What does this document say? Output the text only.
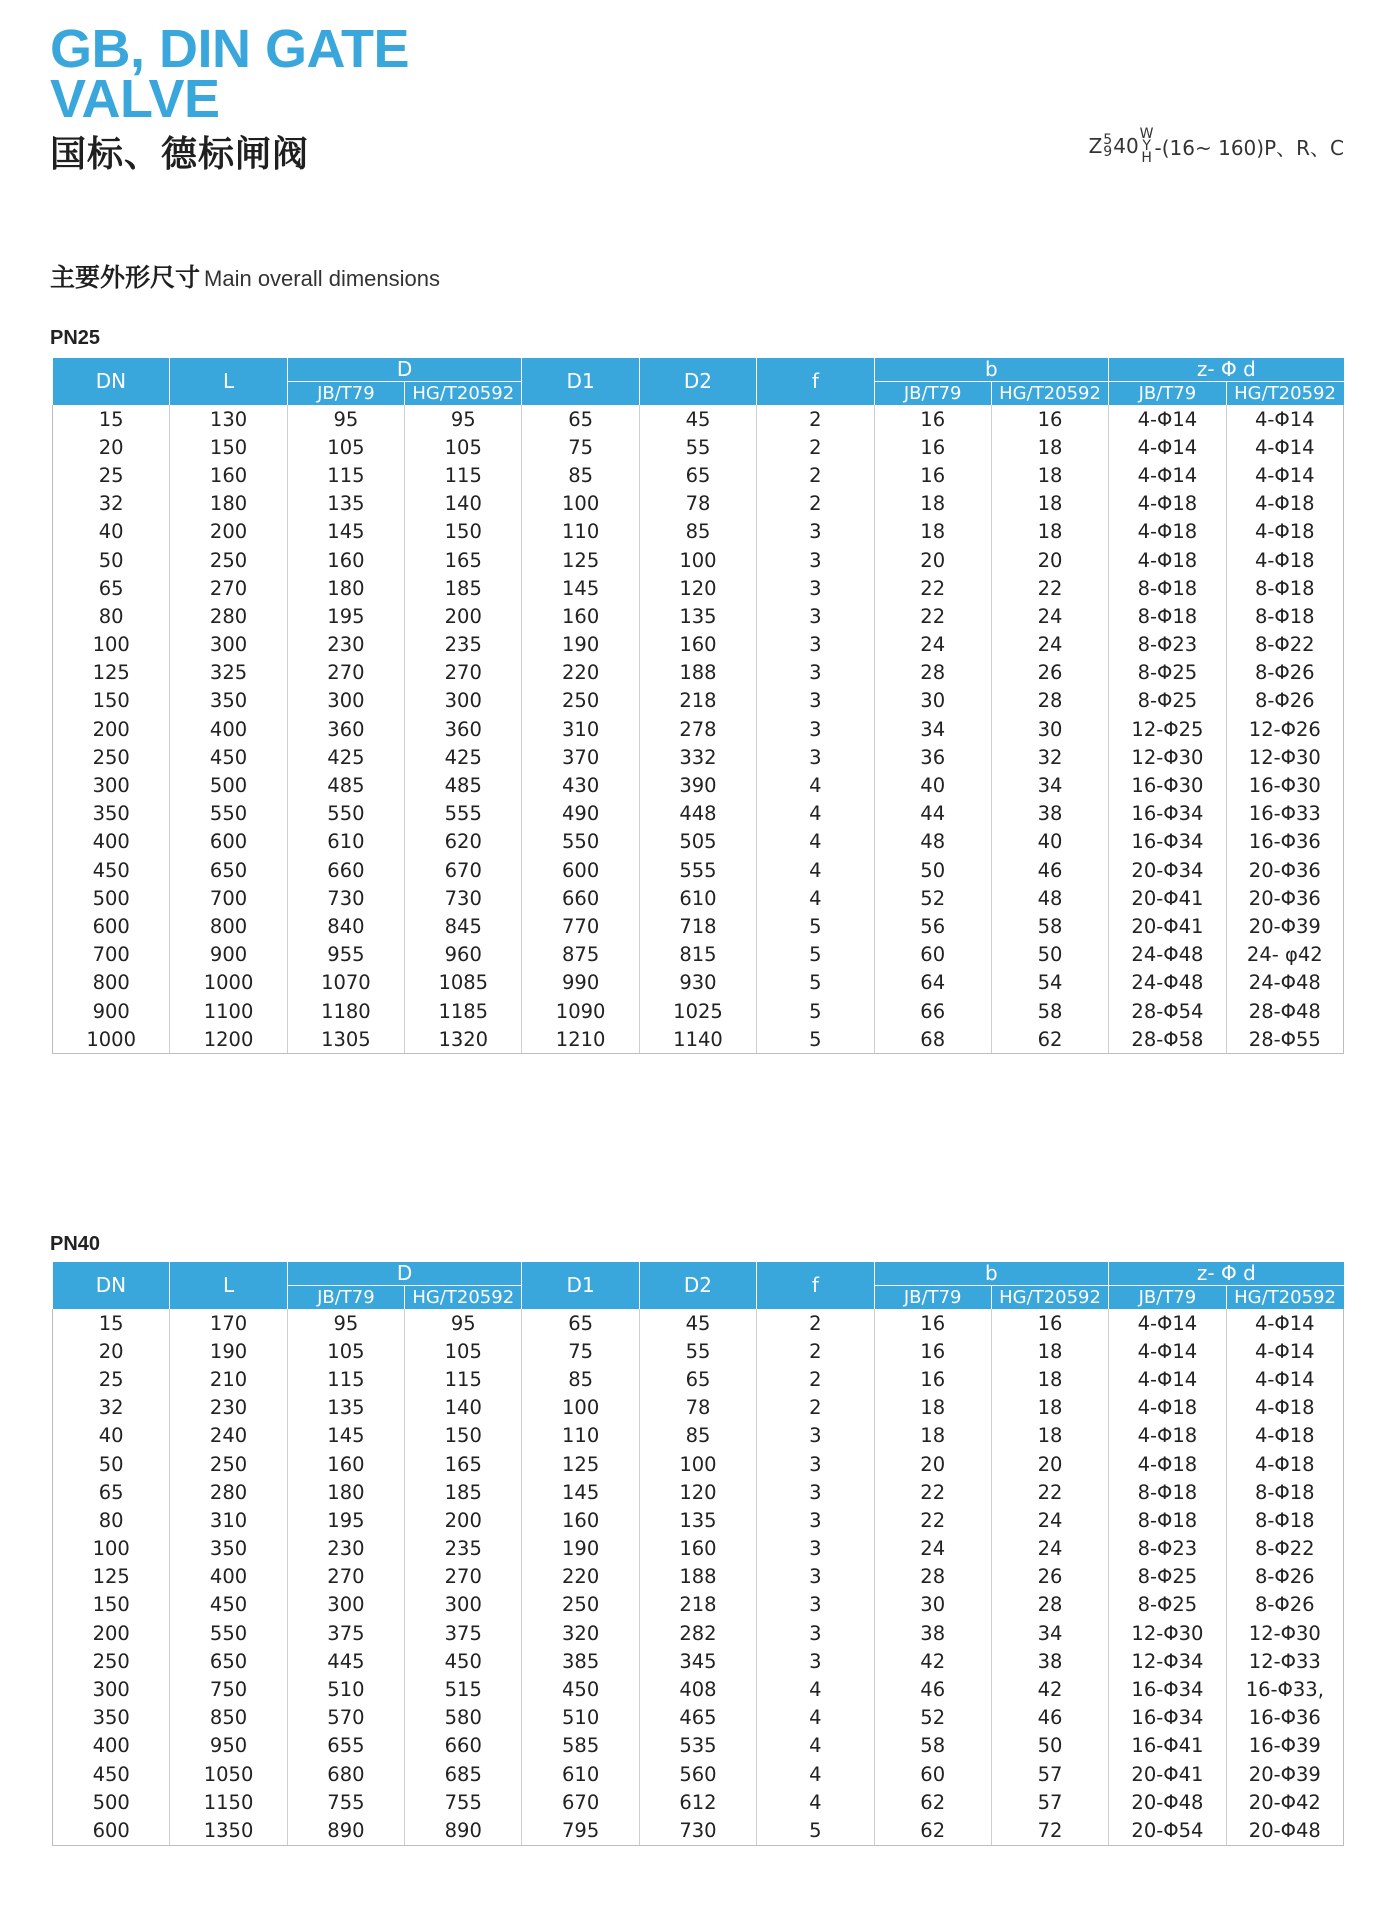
GB, DIN GATE
VALVE
国标、德标闸阀	Z 5
9 40 W
Y
H -(16~ 160)P、R、C
主要外形尺寸 Main overall dimensions
PN25
DN	L	D		D1	D2	f	b		z- Φ d	
		JB/T79	HG/T20592				JB/T79	HG/T20592	JB/T79	HG/T20592
15	130	95	95	65	45	2	16	16	4-Φ14	4-Φ14
20	150	105	105	75	55	2	16	18	4-Φ14	4-Φ14
25	160	115	115	85	65	2	16	18	4-Φ14	4-Φ14
32	180	135	140	100	78	2	18	18	4-Φ18	4-Φ18
40	200	145	150	110	85	3	18	18	4-Φ18	4-Φ18
50	250	160	165	125	100	3	20	20	4-Φ18	4-Φ18
65	270	180	185	145	120	3	22	22	8-Φ18	8-Φ18
80	280	195	200	160	135	3	22	24	8-Φ18	8-Φ18
100	300	230	235	190	160	3	24	24	8-Φ23	8-Φ22
125	325	270	270	220	188	3	28	26	8-Φ25	8-Φ26
150	350	300	300	250	218	3	30	28	8-Φ25	8-Φ26
200	400	360	360	310	278	3	34	30	12-Φ25	12-Φ26
250	450	425	425	370	332	3	36	32	12-Φ30	12-Φ30
300	500	485	485	430	390	4	40	34	16-Φ30	16-Φ30
350	550	550	555	490	448	4	44	38	16-Φ34	16-Φ33
400	600	610	620	550	505	4	48	40	16-Φ34	16-Φ36
450	650	660	670	600	555	4	50	46	20-Φ34	20-Φ36
500	700	730	730	660	610	4	52	48	20-Φ41	20-Φ36
600	800	840	845	770	718	5	56	58	20-Φ41	20-Φ39
700	900	955	960	875	815	5	60	50	24-Φ48	24- φ42
800	1000	1070	1085	990	930	5	64	54	24-Φ48	24-Φ48
900	1100	1180	1185	1090	1025	5	66	58	28-Φ54	28-Φ48
1000	1200	1305	1320	1210	1140	5	68	62	28-Φ58	28-Φ55
PN40
DN	L	D		D1	D2	f	b		z- Φ d	
		JB/T79	HG/T20592				JB/T79	HG/T20592	JB/T79	HG/T20592
15	170	95	95	65	45	2	16	16	4-Φ14	4-Φ14
20	190	105	105	75	55	2	16	18	4-Φ14	4-Φ14
25	210	115	115	85	65	2	16	18	4-Φ14	4-Φ14
32	230	135	140	100	78	2	18	18	4-Φ18	4-Φ18
40	240	145	150	110	85	3	18	18	4-Φ18	4-Φ18
50	250	160	165	125	100	3	20	20	4-Φ18	4-Φ18
65	280	180	185	145	120	3	22	22	8-Φ18	8-Φ18
80	310	195	200	160	135	3	22	24	8-Φ18	8-Φ18
100	350	230	235	190	160	3	24	24	8-Φ23	8-Φ22
125	400	270	270	220	188	3	28	26	8-Φ25	8-Φ26
150	450	300	300	250	218	3	30	28	8-Φ25	8-Φ26
200	550	375	375	320	282	3	38	34	12-Φ30	12-Φ30
250	650	445	450	385	345	3	42	38	12-Φ34	12-Φ33
300	750	510	515	450	408	4	46	42	16-Φ34	16-Φ33,
350	850	570	580	510	465	4	52	46	16-Φ34	16-Φ36
400	950	655	660	585	535	4	58	50	16-Φ41	16-Φ39
450	1050	680	685	610	560	4	60	57	20-Φ41	20-Φ39
500	1150	755	755	670	612	4	62	57	20-Φ48	20-Φ42
600	1350	890	890	795	730	5	62	72	20-Φ54	20-Φ48
